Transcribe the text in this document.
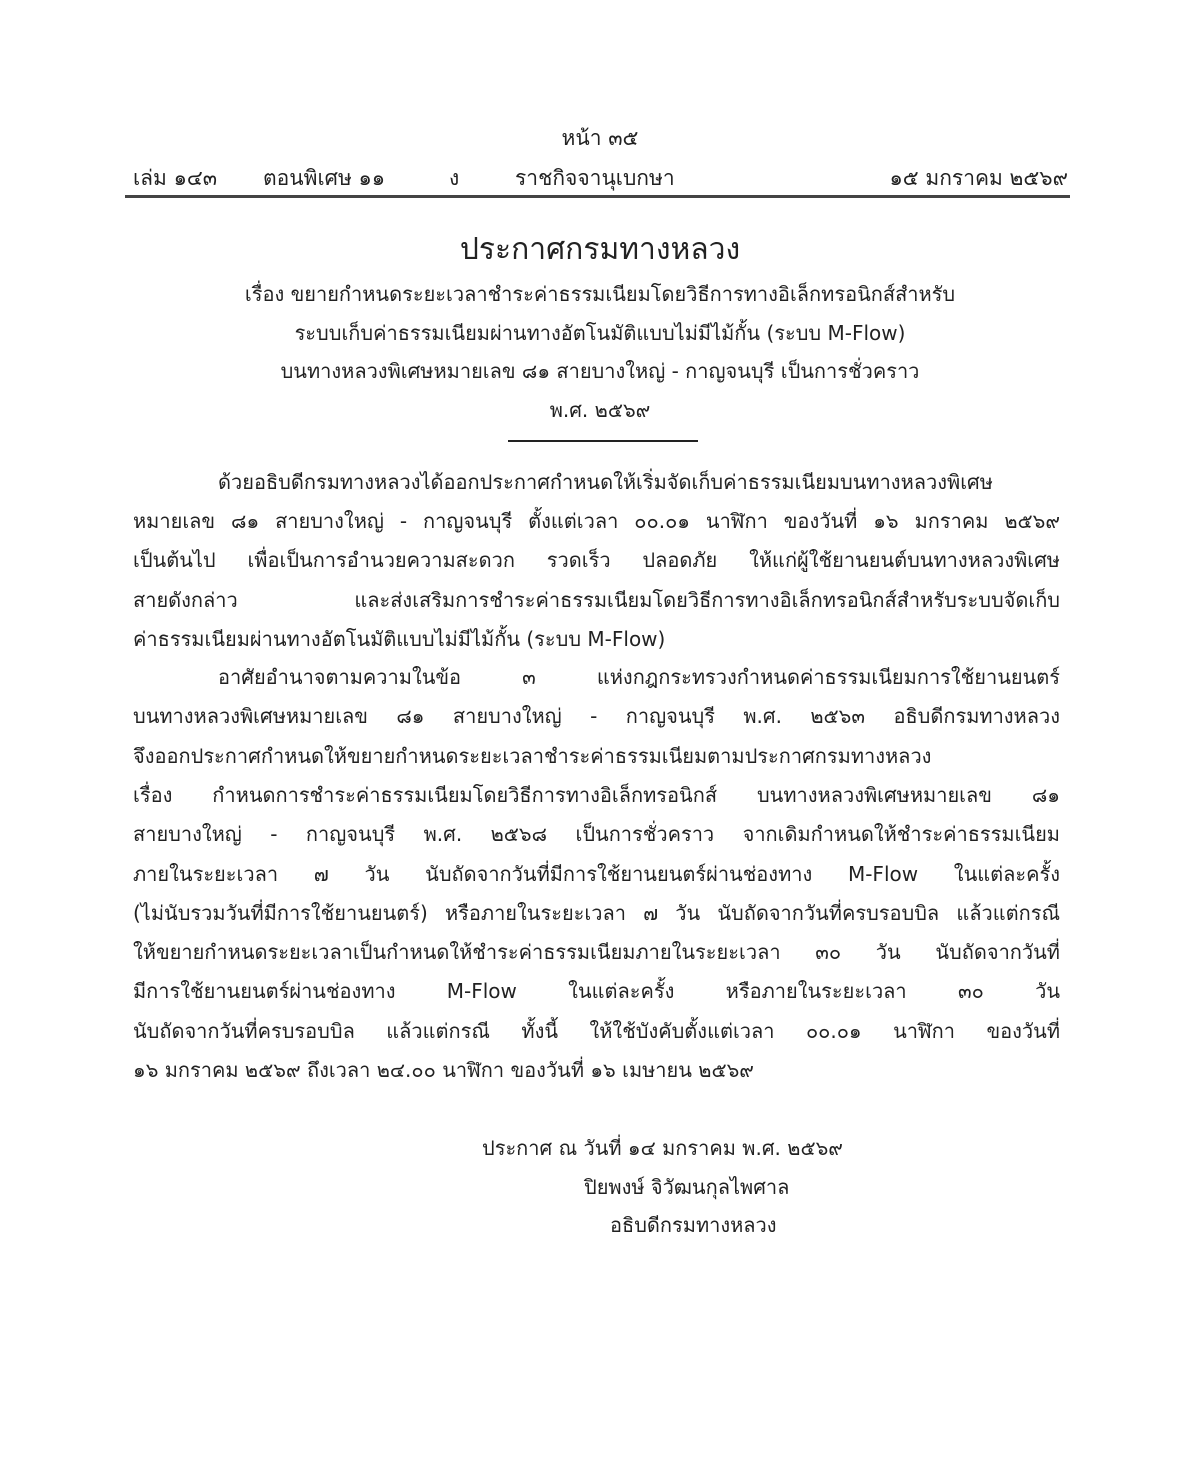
หน้า ๓๕
เล่ม ๑๔๓ ตอนพิเศษ ๑๑	ง	ราชกิจจานุเบกษา	๑๕ มกราคม ๒๕๖๙
ประกาศกรมทางหลวง
เรื่อง ขยายกำหนดระยะเวลาชำระค่าธรรมเนียมโดยวิธีการทางอิเล็กทรอนิกส์สำหรับ
ระบบเก็บค่าธรรมเนียมผ่านทางอัตโนมัติแบบไม่มีไม้กั้น (ระบบ M-Flow)
บนทางหลวงพิเศษหมายเลข ๘๑ สายบางใหญ่ - กาญจนบุรี เป็นการชั่วคราว
พ.ศ. ๒๕๖๙
ด้วยอธิบดีกรมทางหลวงได้ออกประกาศกำหนดให้เริ่มจัดเก็บค่าธรรมเนียมบนทางหลวงพิเศษ
หมายเลข ๘๑ สายบางใหญ่ - กาญจนบุรี ตั้งแต่เวลา ๐๐.๐๑ นาฬิกา ของวันที่ ๑๖ มกราคม ๒๕๖๙
เป็นต้นไป เพื่อเป็นการอำนวยความสะดวก รวดเร็ว ปลอดภัย ให้แก่ผู้ใช้ยานยนต์บนทางหลวงพิเศษ
สายดังกล่าว และส่งเสริมการชำระค่าธรรมเนียมโดยวิธีการทางอิเล็กทรอนิกส์สำหรับระบบจัดเก็บ
ค่าธรรมเนียมผ่านทางอัตโนมัติแบบไม่มีไม้กั้น (ระบบ M-Flow)
อาศัยอำนาจตามความในข้อ ๓ แห่งกฎกระทรวงกำหนดค่าธรรมเนียมการใช้ยานยนตร์
บนทางหลวงพิเศษหมายเลข ๘๑ สายบางใหญ่ - กาญจนบุรี พ.ศ. ๒๕๖๓ อธิบดีกรมทางหลวง
จึงออกประกาศกำหนดให้ขยายกำหนดระยะเวลาชำระค่าธรรมเนียมตามประกาศกรมทางหลวง
เรื่อง กำหนดการชำระค่าธรรมเนียมโดยวิธีการทางอิเล็กทรอนิกส์ บนทางหลวงพิเศษหมายเลข ๘๑
สายบางใหญ่ - กาญจนบุรี พ.ศ. ๒๕๖๘ เป็นการชั่วคราว จากเดิมกำหนดให้ชำระค่าธรรมเนียม
ภายในระยะเวลา ๗ วัน นับถัดจากวันที่มีการใช้ยานยนตร์ผ่านช่องทาง M-Flow ในแต่ละครั้ง
(ไม่นับรวมวันที่มีการใช้ยานยนตร์) หรือภายในระยะเวลา ๗ วัน นับถัดจากวันที่ครบรอบบิล แล้วแต่กรณี
ให้ขยายกำหนดระยะเวลาเป็นกำหนดให้ชำระค่าธรรมเนียมภายในระยะเวลา ๓๐ วัน นับถัดจากวันที่
มีการใช้ยานยนตร์ผ่านช่องทาง M-Flow ในแต่ละครั้ง หรือภายในระยะเวลา ๓๐ วัน
นับถัดจากวันที่ครบรอบบิล แล้วแต่กรณี ทั้งนี้ ให้ใช้บังคับตั้งแต่เวลา ๐๐.๐๑ นาฬิกา ของวันที่
๑๖ มกราคม ๒๕๖๙ ถึงเวลา ๒๔.๐๐ นาฬิกา ของวันที่ ๑๖ เมษายน ๒๕๖๙
ประกาศ ณ วันที่ ๑๔ มกราคม พ.ศ. ๒๕๖๙
ปิยพงษ์ จิวัฒนกุลไพศาล
อธิบดีกรมทางหลวง
